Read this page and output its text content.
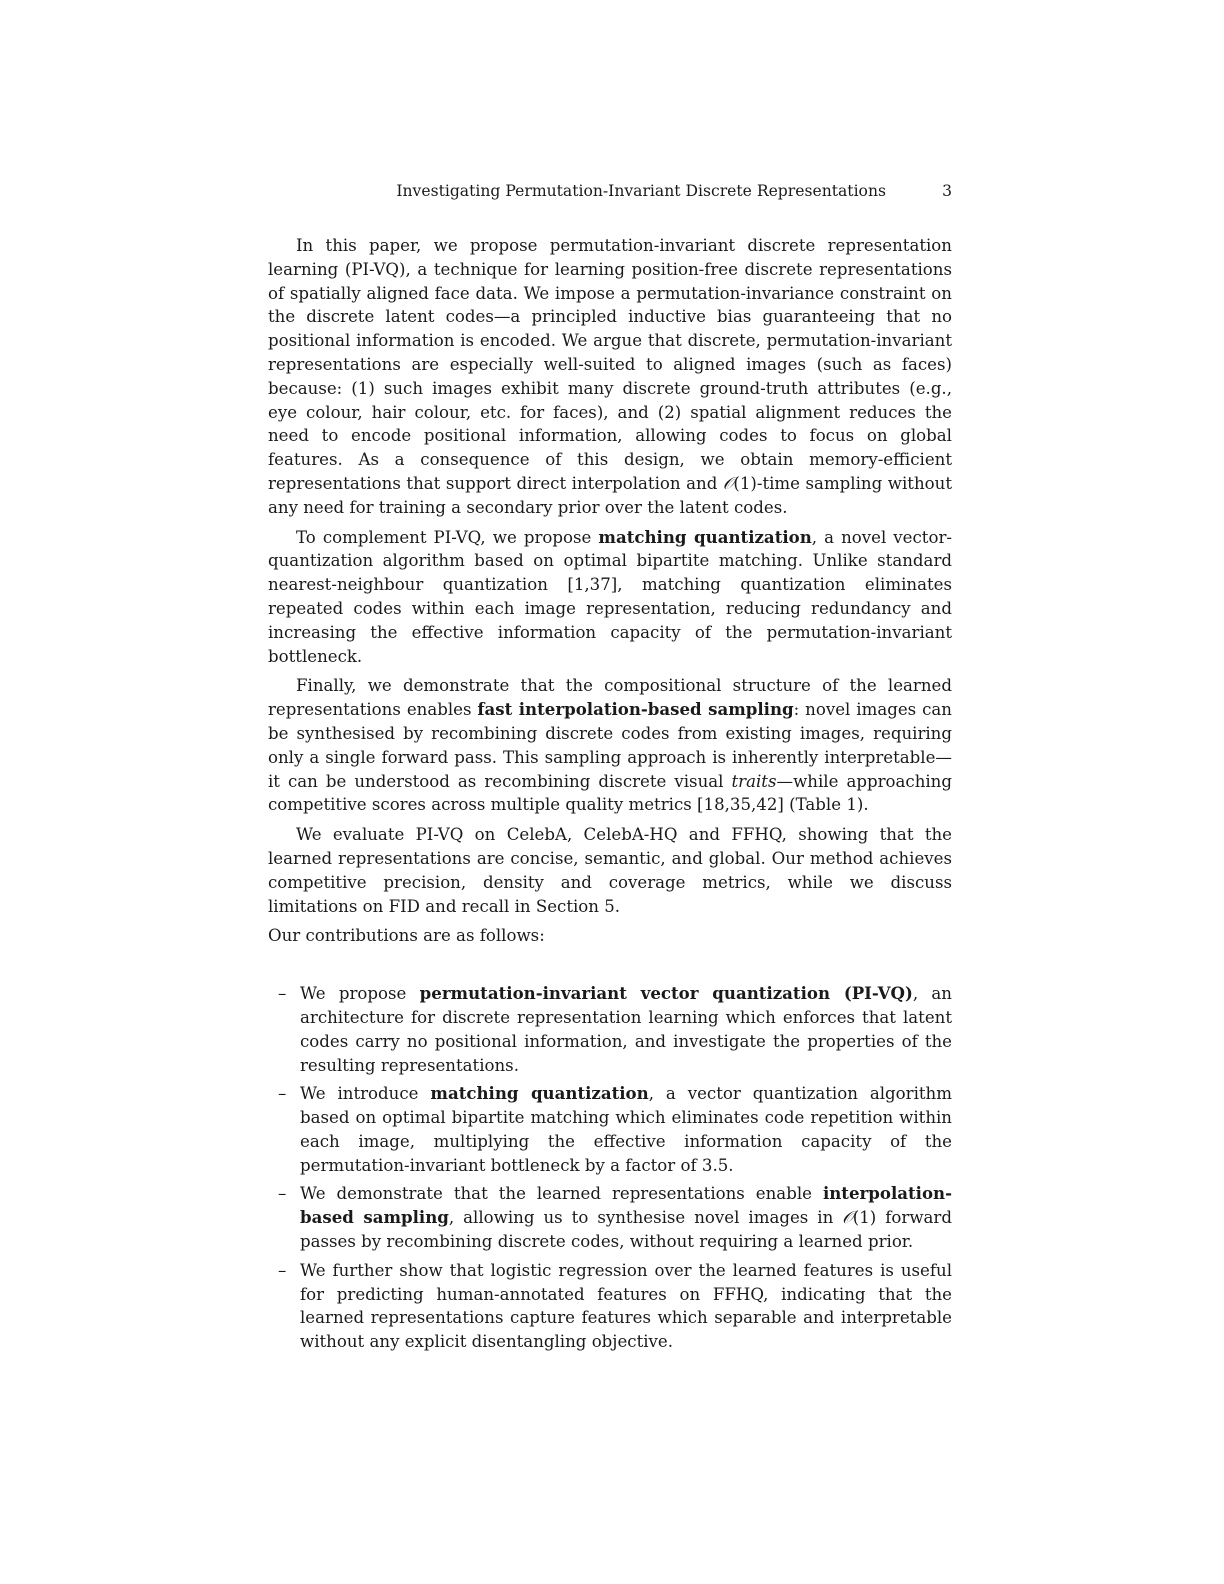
Investigating Permutation-Invariant Discrete Representations	3

In this paper, we propose permutation-invariant discrete representation learning (PI-VQ), a technique for learning position-free discrete representations of spatially aligned face data. We impose a permutation-invariance constraint on the discrete latent codes—a principled inductive bias guaranteeing that no positional information is encoded. We argue that discrete, permutation-invariant representations are especially well-suited to aligned images (such as faces) because: (1) such images exhibit many discrete ground-truth attributes (e.g., eye colour, hair colour, etc. for faces), and (2) spatial alignment reduces the need to encode positional information, allowing codes to focus on global features. As a consequence of this design, we obtain memory-efficient representations that support direct interpolation and 𝒪(1)-time sampling without any need for training a secondary prior over the latent codes.

To complement PI-VQ, we propose matching quantization, a novel vector-quantization algorithm based on optimal bipartite matching. Unlike standard nearest-neighbour quantization [1,37], matching quantization eliminates repeated codes within each image representation, reducing redundancy and increasing the effective information capacity of the permutation-invariant bottleneck.

Finally, we demonstrate that the compositional structure of the learned representations enables fast interpolation-based sampling: novel images can be synthesised by recombining discrete codes from existing images, requiring only a single forward pass. This sampling approach is inherently interpretable—it can be understood as recombining discrete visual traits—while approaching competitive scores across multiple quality metrics [18,35,42] (Table 1).

We evaluate PI-VQ on CelebA, CelebA-HQ and FFHQ, showing that the learned representations are concise, semantic, and global. Our method achieves competitive precision, density and coverage metrics, while we discuss limitations on FID and recall in Section 5.

Our contributions are as follows:

– We propose permutation-invariant vector quantization (PI-VQ), an architecture for discrete representation learning which enforces that latent codes carry no positional information, and investigate the properties of the resulting representations.
– We introduce matching quantization, a vector quantization algorithm based on optimal bipartite matching which eliminates code repetition within each image, multiplying the effective information capacity of the permutation-invariant bottleneck by a factor of 3.5.
– We demonstrate that the learned representations enable interpolation-based sampling, allowing us to synthesise novel images in 𝒪(1) forward passes by recombining discrete codes, without requiring a learned prior.
– We further show that logistic regression over the learned features is useful for predicting human-annotated features on FFHQ, indicating that the learned representations capture features which separable and interpretable without any explicit disentangling objective.
